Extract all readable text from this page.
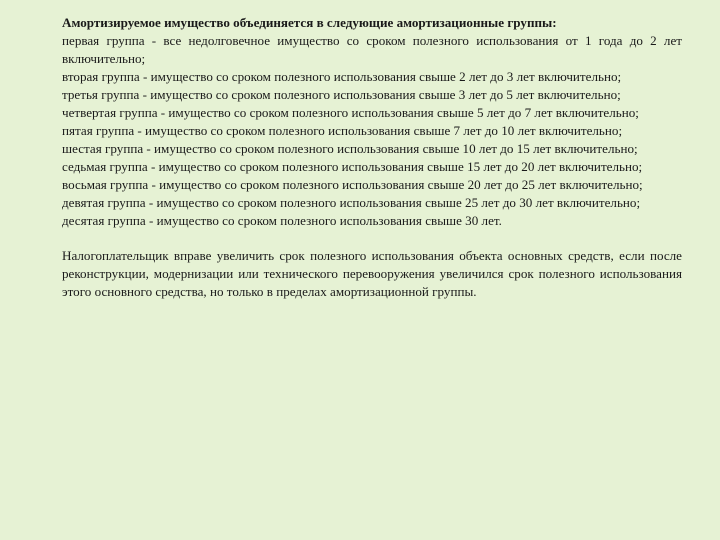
Амортизируемое имущество объединяется в следующие амортизационные группы:
первая группа - все недолговечное имущество со сроком полезного использования от 1 года до 2 лет включительно;
вторая группа - имущество со сроком полезного использования свыше 2 лет до 3 лет включительно;
третья группа - имущество со сроком полезного использования свыше 3 лет до 5 лет включительно;
четвертая группа - имущество со сроком полезного использования свыше 5 лет до 7 лет включительно;
пятая группа - имущество со сроком полезного использования свыше 7 лет до 10 лет включительно;
шестая группа - имущество со сроком полезного использования свыше 10 лет до 15 лет включительно;
седьмая группа - имущество со сроком полезного использования свыше 15 лет до 20 лет включительно;
восьмая группа - имущество со сроком полезного использования свыше 20 лет до 25 лет включительно;
девятая группа - имущество со сроком полезного использования свыше 25 лет до 30 лет включительно;
десятая группа - имущество со сроком полезного использования свыше 30 лет.
Налогоплательщик вправе увеличить срок полезного использования объекта основных средств, если после реконструкции, модернизации или технического перевооружения увеличился срок полезного использования этого основного средства, но только в пределах амортизационной группы.
